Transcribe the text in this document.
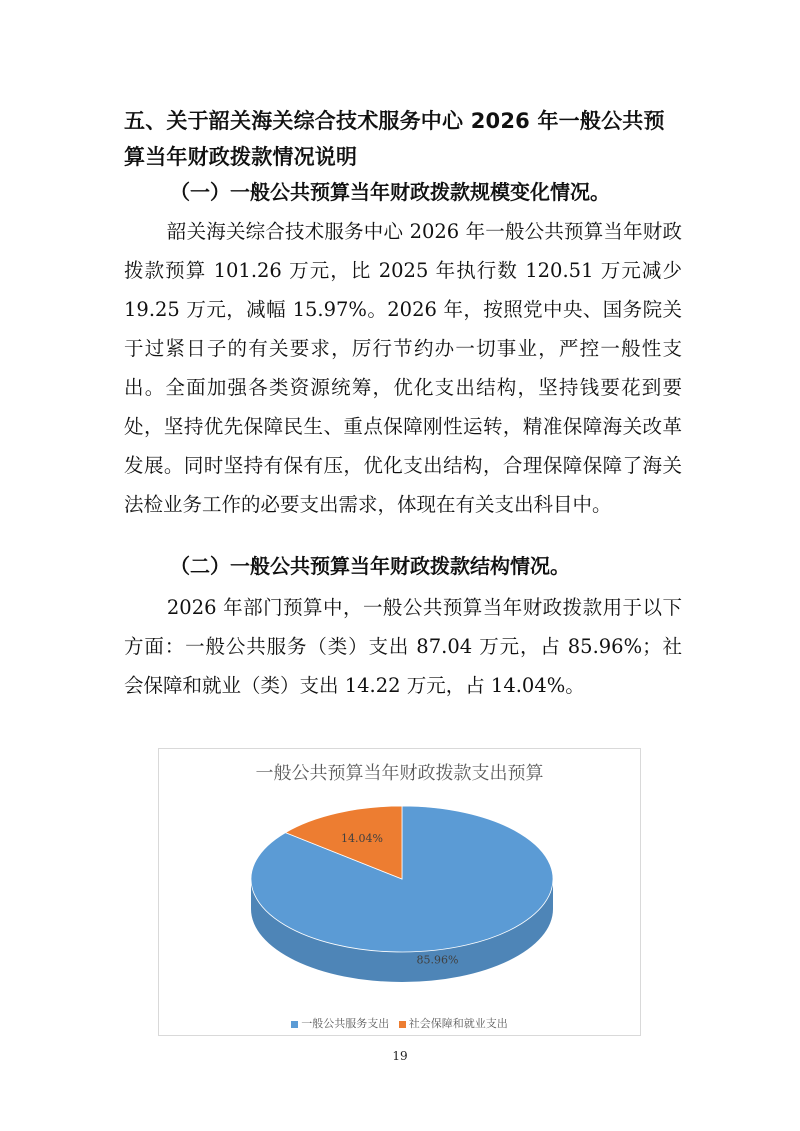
五、关于韶关海关综合技术服务中心 2026 年一般公共预算当年财政拨款情况说明

（一）一般公共预算当年财政拨款规模变化情况。

韶关海关综合技术服务中心 2026 年一般公共预算当年财政拨款预算 101.26 万元，比 2025 年执行数 120.51 万元减少 19.25 万元，减幅 15.97%。2026 年，按照党中央、国务院关于过紧日子的有关要求，厉行节约办一切事业，严控一般性支出。全面加强各类资源统筹，优化支出结构，坚持钱要花到要处，坚持优先保障民生、重点保障刚性运转，精准保障海关改革发展。同时坚持有保有压，优化支出结构，合理保障保障了海关法检业务工作的必要支出需求，体现在有关支出科目中。

（二）一般公共预算当年财政拨款结构情况。

2026 年部门预算中，一般公共预算当年财政拨款用于以下方面：一般公共服务（类）支出 87.04 万元，占 85.96%；社会保障和就业（类）支出 14.22 万元，占 14.04%。

一般公共预算当年财政拨款支出预算

85.96%
14.04%
一般公共服务支出 社会保障和就业支出
19
